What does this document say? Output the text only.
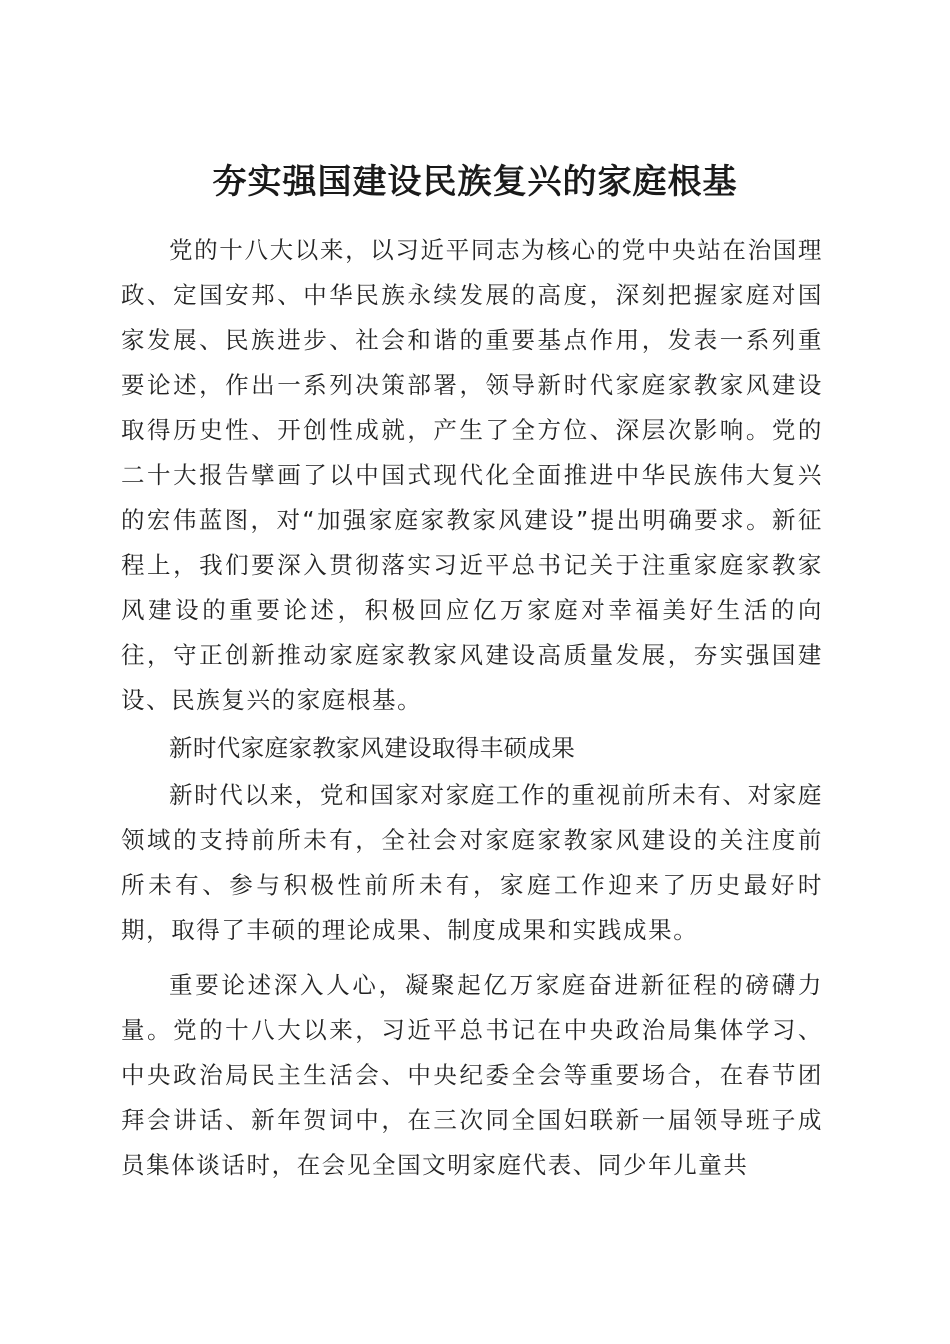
夯实强国建设民族复兴的家庭根基

党的十八大以来，以习近平同志为核心的党中央站在治国理政、定国安邦、中华民族永续发展的高度，深刻把握家庭对国家发展、民族进步、社会和谐的重要基点作用，发表一系列重要论述，作出一系列决策部署，领导新时代家庭家教家风建设取得历史性、开创性成就，产生了全方位、深层次影响。党的二十大报告擘画了以中国式现代化全面推进中华民族伟大复兴的宏伟蓝图，对“加强家庭家教家风建设”提出明确要求。新征程上，我们要深入贯彻落实习近平总书记关于注重家庭家教家风建设的重要论述，积极回应亿万家庭对幸福美好生活的向往，守正创新推动家庭家教家风建设高质量发展，夯实强国建设、民族复兴的家庭根基。

新时代家庭家教家风建设取得丰硕成果

新时代以来，党和国家对家庭工作的重视前所未有、对家庭领域的支持前所未有，全社会对家庭家教家风建设的关注度前所未有、参与积极性前所未有，家庭工作迎来了历史最好时期，取得了丰硕的理论成果、制度成果和实践成果。

重要论述深入人心，凝聚起亿万家庭奋进新征程的磅礴力量。党的十八大以来，习近平总书记在中央政治局集体学习、中央政治局民主生活会、中央纪委全会等重要场合，在春节团拜会讲话、新年贺词中，在三次同全国妇联新一届领导班子成员集体谈话时，在会见全国文明家庭代表、同少年儿童共
